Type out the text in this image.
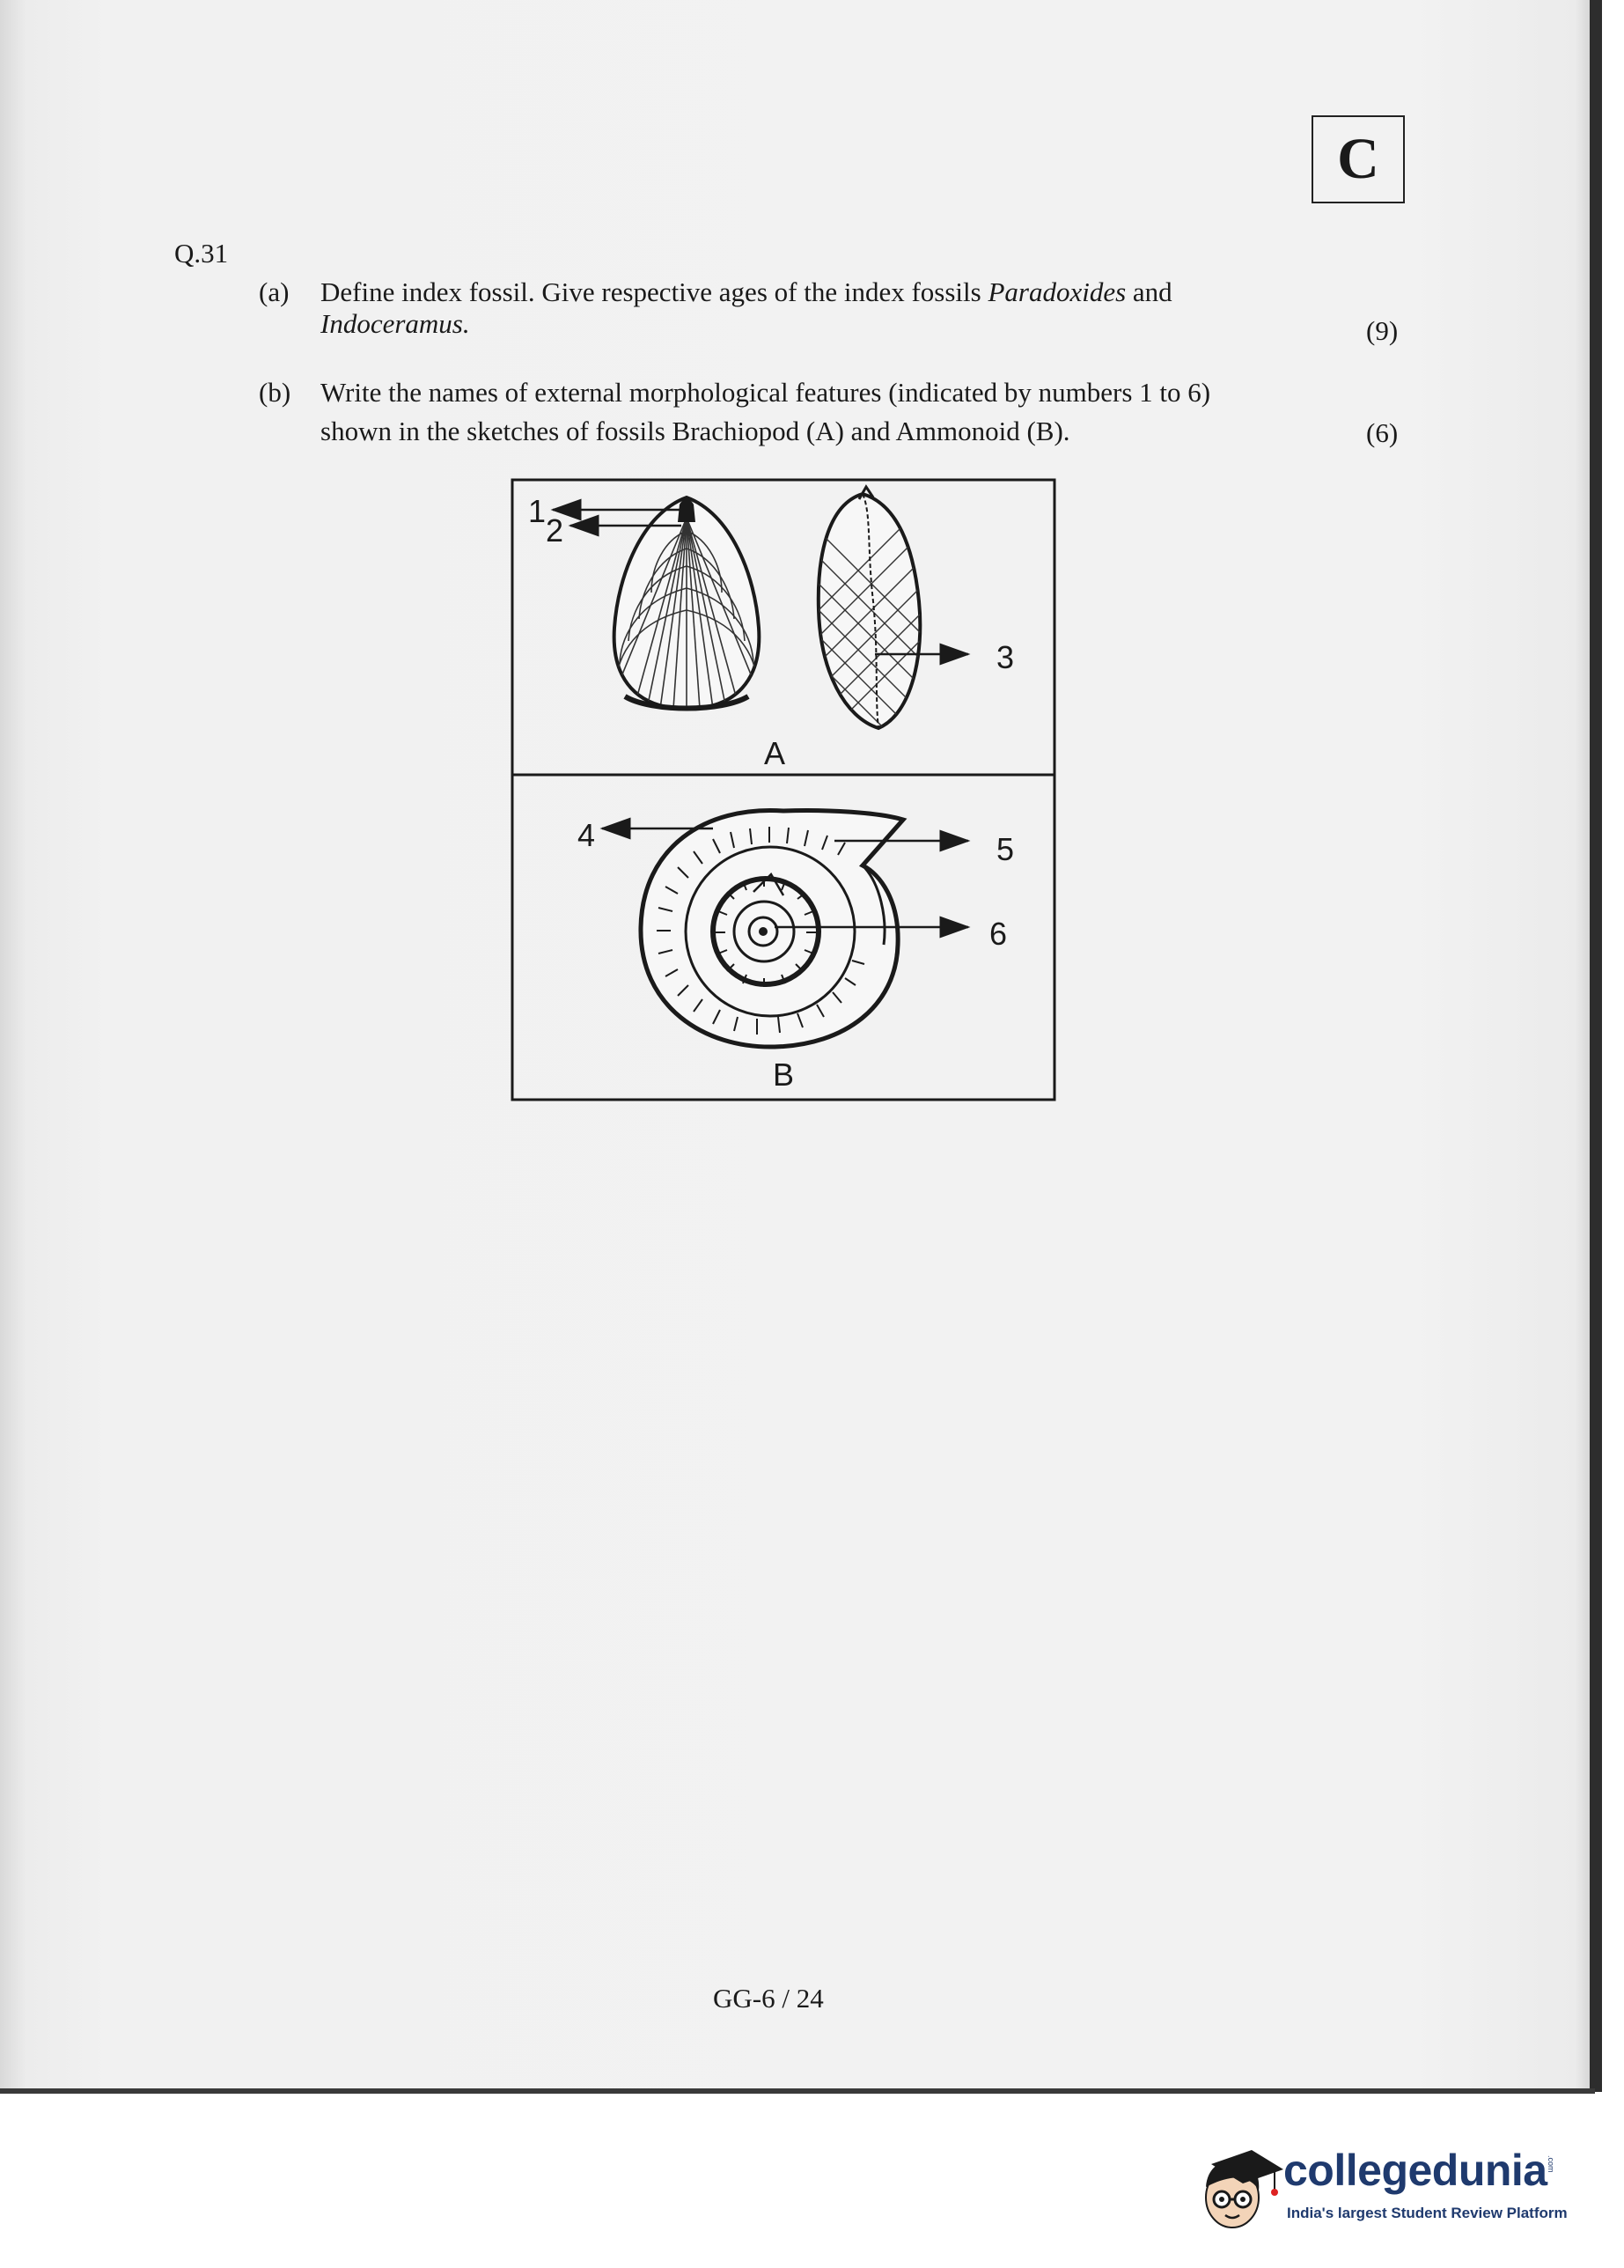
C
Q.31
(a) Define index fossil. Give respective ages of the index fossils Paradoxides and
Indoceramus.	(9)
(b) Write the names of external morphological features (indicated by numbers 1 to 6)
shown in the sketches of fossils Brachiopod (A) and Ammonoid (B).	(6)
1
2
3
A
4	5
6
B
GG-6 / 24
collegedunia .com
India's largest Student Review Platform
